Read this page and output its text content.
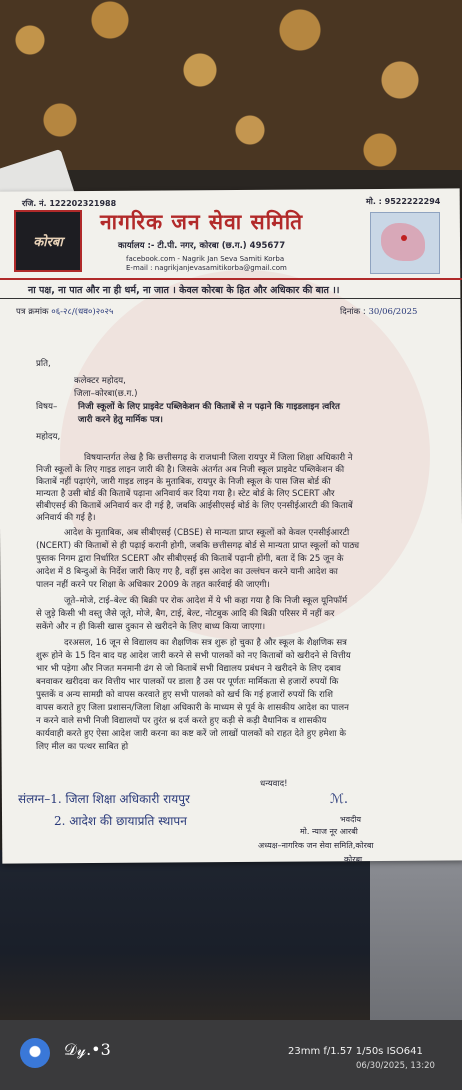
रजि. नं. 122202321988	मो. : 9522222294
कोरबा
नागरिक जन सेवा समिति
कार्यालय :- टी.पी. नगर, कोरबा (छ.ग.) 495677
facebook.com - Nagrik Jan Seva Samiti Korba
E-mail : nagrikjanjevasamitikorba@gmail.com
ना पक्ष, ना पात और ना ही धर्म, ना जात । केवल कोरबा के हित और अधिकार की बात ।।
पत्र क्रमांक ०६-२८/(धव०)२०२५	दिनांक : 30/06/2025
प्रति,
कलेक्टर महोदय,
जिला–कोरबा(छ.ग.)
विषय– निजी स्कूलों के लिए प्राइवेट पब्लिकेशन की किताबें से न पढ़ाने कि गाइडलाइन त्वरित
जारी करने हेतु मार्मिक पत्र।
महोदय,
विषयान्तर्गत लेख है कि छत्तीसगढ़ के राजधानी जिला रायपुर में जिला शिक्षा अधिकारी ने
निजी स्कूलों के लिए गाइड लाइन जारी की है। जिसके अंतर्गत अब निजी स्कूल प्राइवेट पब्लिकेशन की
किताबें नहीं पढ़ाएंगे, जारी गाइड लाइन के मुताबिक, रायपुर के निजी स्कूल के पास जिस बोर्ड की
मान्यता है उसी बोर्ड की किताबें पढ़ाना अनिवार्य कर दिया गया है। स्टेट बोर्ड के लिए SCERT और
सीबीएसई की किताबें अनिवार्य कर दी गई है, जबकि आईसीएसई बोर्ड के लिए एनसीईआरटी की किताबें
अनिवार्य की गई है।
आदेश के मुताबिक, अब सीबीएसई (CBSE) से मान्यता प्राप्त स्कूलों को केवल एनसीईआरटी
(NCERT) की किताबों से ही पढ़ाई करानी होगी, जबकि छत्तीसगढ़ बोर्ड से मान्यता प्राप्त स्कूलों को पाठ्य
पुस्तक निगम द्वारा निर्धारित SCERT और सीबीएसई की किताबें पढ़ानी होंगी, बता दें कि 25 जून के
आदेश में 8 बिन्दुओं के निर्देश जारी किए गए है, वहीं इस आदेश का उल्लंघन करने यानी आदेश का
पालन नहीं करने पर शिक्षा के अधिकार 2009 के तहत कार्रवाई की जाएगी।
जूते–मोजे, टाई–बेल्ट की बिक्री पर रोक आदेश में ये भी कहा गया है कि निजी स्कूल यूनिफॉर्म
से जुड़े किसी भी वस्तु जैसे जूते, मोजे, बैग, टाई, बेल्ट, नोटबुक आदि की बिक्री परिसर में नहीं कर
सकेंगे और न ही किसी खास दुकान से खरीदने के लिए बाध्य किया जाएगा।
दरअसल, 16 जून से विद्यालय का शैक्षणिक सत्र शुरू हो चुका है और स्कूल के शैक्षणिक सत्र
शुरू होने के 15 दिन बाद यह आदेश जारी करने से सभी पालकों को नए किताबों को खरीदने से वित्तीय
भार भी पड़ेगा और निजत मनमानी ढंग से जो किताबें सभी विद्यालय प्रबंधन ने खरीदने के लिए दबाव
बनवाकर खरीदवा कर वित्तीय भार पालकों पर डाला है उस पर पूर्णतः मार्मिकता से हजारों रुपयों कि
पुस्तकें व अन्य सामग्री को वापस करवाते हुए सभी पालको को खर्च कि गई हजारों रुपयों कि राशि
वापस कराते हुए जिला प्रशासन/जिला शिक्षा अधिकारी के माध्यम से पूर्व के शासकीय आदेश का पालन
न करने वाले सभी निजी विद्यालयों पर तुरंत श्न दर्ज करते हुए कड़ी से कड़ी वैधानिक व शासकीय
कार्यवाही करते हुए ऐसा आदेश जारी करना का कष्ट करें जो लाखों पालकों को राहत देते हुए हमेशा के
लिए मील का पत्थर साबित हो
धन्यवाद!
ℳ.
भवदीय
संलग्न–1. जिला शिक्षा अधिकारी रायपुर
2. आदेश की छायाप्रति स्थापन
मो. न्याज नूर आरबी
अध्यक्ष–नागरिक जन सेवा समिति,कोरबा
कोरबा
𝒟𝓎.•3	23mm f/1.57 1/50s ISO641
06/30/2025, 13:20
